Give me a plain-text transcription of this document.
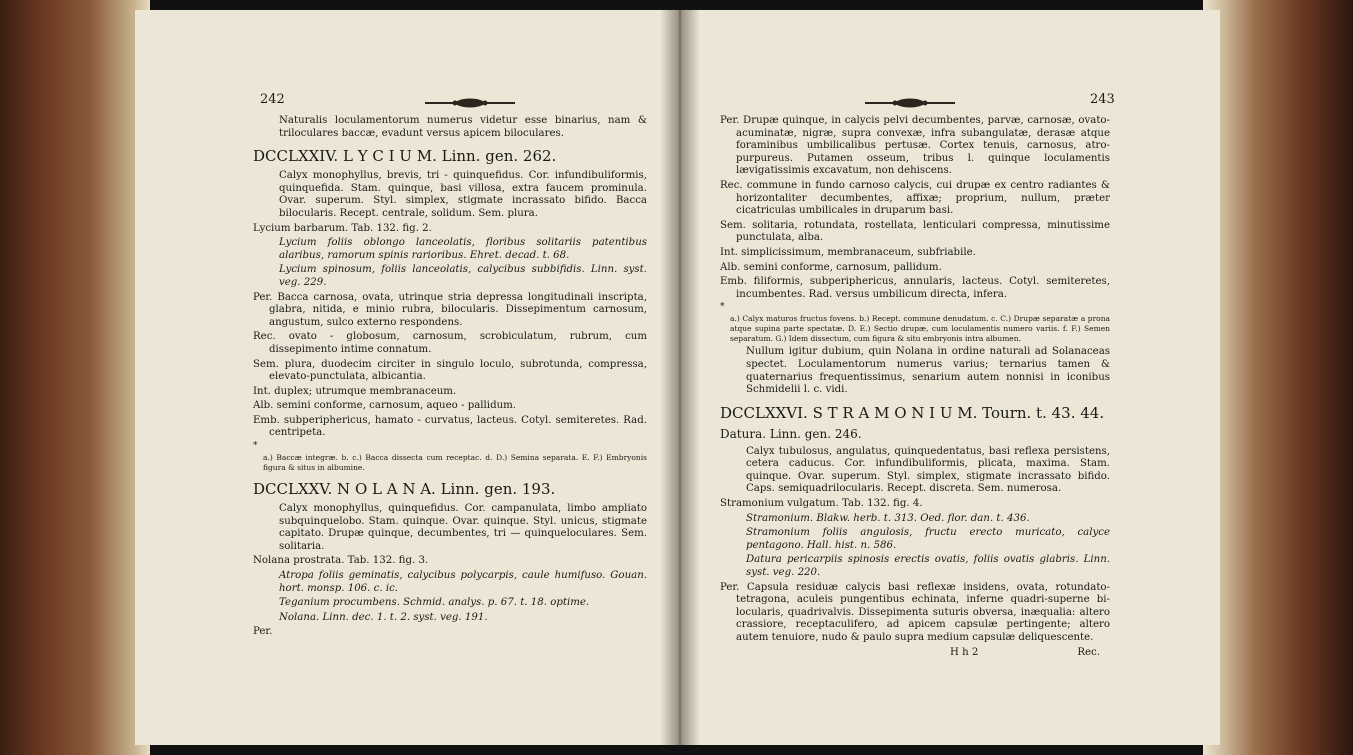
242

Naturalis loculamentorum numerus videtur esse binarius, nam & triloculares baccæ, evadunt versus apicem biloculares.

DCCLXXIV. L Y C I U M. Linn. gen. 262.

Calyx monophyllus, brevis, tri - quinquefidus. Cor. infundibuliformis, quinquefida. Stam. quinque, basi villosa, extra faucem prominula. Ovar. superum. Styl. simplex, stigmate incrassato bifido. Bacca bilocularis. Recept. centrale, solidum. Sem. plura.

Lycium barbarum. Tab. 132. fig. 2.

Lycium foliis oblongo lanceolatis, floribus solitariis patentibus alaribus, ramorum spinis rarioribus. Ehret. decad. t. 68.

Lycium spinosum, foliis lanceolatis, calycibus subbifidis. Linn. syst. veg. 229.

Per. Bacca carnosa, ovata, utrinque stria depressa longitudinali inscripta, glabra, nitida, e minio rubra, bilocularis. Dissepimentum carnosum, angustum, sulco externo respondens.

Rec. ovato - globosum, carnosum, scrobiculatum, rubrum, cum dissepimento intime connatum.

Sem. plura, duodecim circiter in singulo loculo, subrotunda, compressa, elevato-punctulata, albicantia.

Int. duplex; utrumque membranaceum.

Alb. semini conforme, carnosum, aqueo - pallidum.

Emb. subperiphericus, hamato - curvatus, lacteus. Cotyl. semiteretes. Rad. centripeta.

*

a.) Baccæ integræ. b. c.) Bacca dissecta cum receptac. d. D.) Semina separata. E. F.) Embryonis figura & situs in albumine.

DCCLXXV. N O L A N A. Linn. gen. 193.

Calyx monophyllus, quinquefidus. Cor. campanulata, limbo ampliato subquinquelobo. Stam. quinque. Ovar. quinque. Styl. unicus, stigmate capitato. Drupæ quinque, decumbentes, tri — quinqueloculares. Sem. solitaria.

Nolana prostrata. Tab. 132. fig. 3.

Atropa foliis geminatis, calycibus polycarpis, caule humifuso. Gouan. hort. monsp. 106. c. ic.

Teganium procumbens. Schmid. analys. p. 67. t. 18. optime.

Nolana. Linn. dec. 1. t. 2. syst. veg. 191.

Per.

243

Per. Drupæ quinque, in calycis pelvi decumbentes, parvæ, carnosæ, ovato-acuminatæ, nigræ, supra convexæ, infra subangulatæ, derasæ atque foraminibus umbilicalibus pertusæ. Cortex tenuis, carnosus, atro-purpureus. Putamen osseum, tribus l. quinque loculamentis lævigatissimis excavatum, non dehiscens.

Rec. commune in fundo carnoso calycis, cui drupæ ex centro radiantes & horizontaliter decumbentes, affixæ; proprium, nullum, præter cicatriculas umbilicales in druparum basi.

Sem. solitaria, rotundata, rostellata, lenticulari compressa, minutissime punctulata, alba.

Int. simplicissimum, membranaceum, subfriabile.

Alb. semini conforme, carnosum, pallidum.

Emb. filiformis, subperiphericus, annularis, lacteus. Cotyl. semiteretes, incumbentes. Rad. versus umbilicum directa, infera.

*

a.) Calyx maturos fructus fovens. b.) Recept. commune denudatum. c. C.) Drupæ separatæ a prona atque supina parte spectatæ. D. E.) Sectio drupæ, cum loculamentis numero variis. f. F.) Semen separatum. G.) Idem dissectum, cum figura & situ embryonis intra albumen.

Nullum igitur dubium, quin Nolana in ordine naturali ad Solanaceas spectet. Loculamentorum numerus varius; ternarius tamen & quaternarius frequentissimus, senarium autem nonnisi in iconibus Schmidelii l. c. vidi.

DCCLXXVI. S T R A M O N I U M. Tourn. t. 43. 44.

Datura. Linn. gen. 246.

Calyx tubulosus, angulatus, quinquedentatus, basi reflexa persistens, cetera caducus. Cor. infundibuliformis, plicata, maxima. Stam. quinque. Ovar. superum. Styl. simplex, stigmate incrassato bifido. Caps. semiquadrilocularis. Recept. discreta. Sem. numerosa.

Stramonium vulgatum. Tab. 132. fig. 4.

Stramonium. Blakw. herb. t. 313. Oed. flor. dan. t. 436.

Stramonium foliis angulosis, fructu erecto muricato, calyce pentagono. Hall. hist. n. 586.

Datura pericarpiis spinosis erectis ovatis, foliis ovatis glabris. Linn. syst. veg. 220.

Per. Capsula residuæ calycis basi reflexæ insidens, ovata, rotundato-tetragona, aculeis pungentibus echinata, inferne quadri-superne bi-locularis, quadrivalvis. Dissepimenta suturis obversa, inæqualia: altero crassiore, receptaculifero, ad apicem capsulæ pertingente; altero autem tenuiore, nudo & paulo supra medium capsulæ deliquescente.

H h 2	Rec.
